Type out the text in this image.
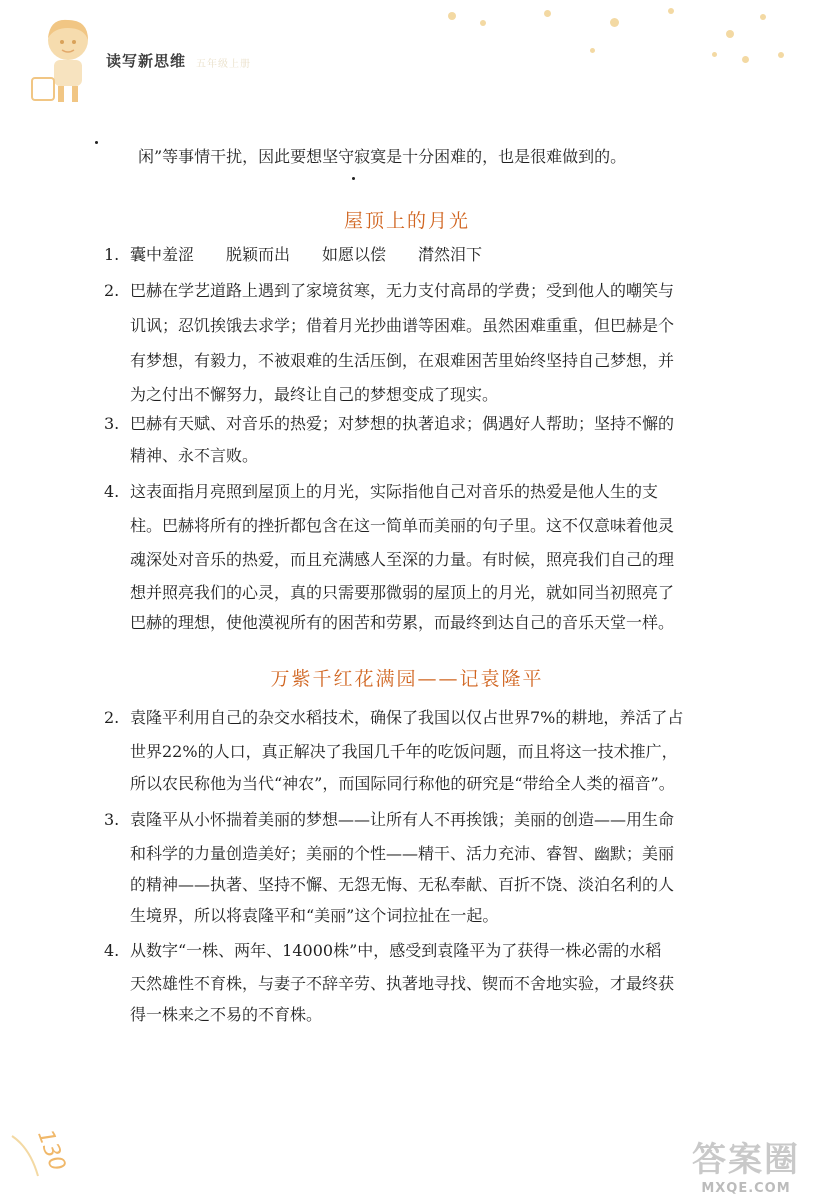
读写新思维 五年级上册
闲”等事情干扰，因此要想坚守寂寞是十分困难的，也是很难做到的。
屋顶上的月光
1. 囊中羞涩　　脱颖而出　　如愿以偿　　潸然泪下
2. 巴赫在学艺道路上遇到了家境贫寒，无力支付高昂的学费；受到他人的嘲笑与
讥讽；忍饥挨饿去求学；借着月光抄曲谱等困难。虽然困难重重，但巴赫是个
有梦想，有毅力，不被艰难的生活压倒，在艰难困苦里始终坚持自己梦想，并
为之付出不懈努力，最终让自己的梦想变成了现实。
3. 巴赫有天赋、对音乐的热爱；对梦想的执著追求；偶遇好人帮助；坚持不懈的
精神、永不言败。
4. 这表面指月亮照到屋顶上的月光，实际指他自己对音乐的热爱是他人生的支
柱。巴赫将所有的挫折都包含在这一简单而美丽的句子里。这不仅意味着他灵
魂深处对音乐的热爱，而且充满感人至深的力量。有时候，照亮我们自己的理
想并照亮我们的心灵，真的只需要那微弱的屋顶上的月光，就如同当初照亮了
巴赫的理想，使他漠视所有的困苦和劳累，而最终到达自己的音乐天堂一样。
万紫千红花满园——记袁隆平
2. 袁隆平利用自己的杂交水稻技术，确保了我国以仅占世界7%的耕地，养活了占
世界22%的人口，真正解决了我国几千年的吃饭问题，而且将这一技术推广，
所以农民称他为当代“神农”，而国际同行称他的研究是“带给全人类的福音”。
3. 袁隆平从小怀揣着美丽的梦想——让所有人不再挨饿；美丽的创造——用生命
和科学的力量创造美好；美丽的个性——精干、活力充沛、睿智、幽默；美丽
的精神——执著、坚持不懈、无怨无悔、无私奉献、百折不饶、淡泊名利的人
生境界，所以将袁隆平和“美丽”这个词拉扯在一起。
4. 从数字“一株、两年、14000株”中，感受到袁隆平为了获得一株必需的水稻
天然雄性不育株，与妻子不辞辛劳、执著地寻找、锲而不舍地实验，才最终获
得一株来之不易的不育株。
130	答案圈
MXQE.COM
